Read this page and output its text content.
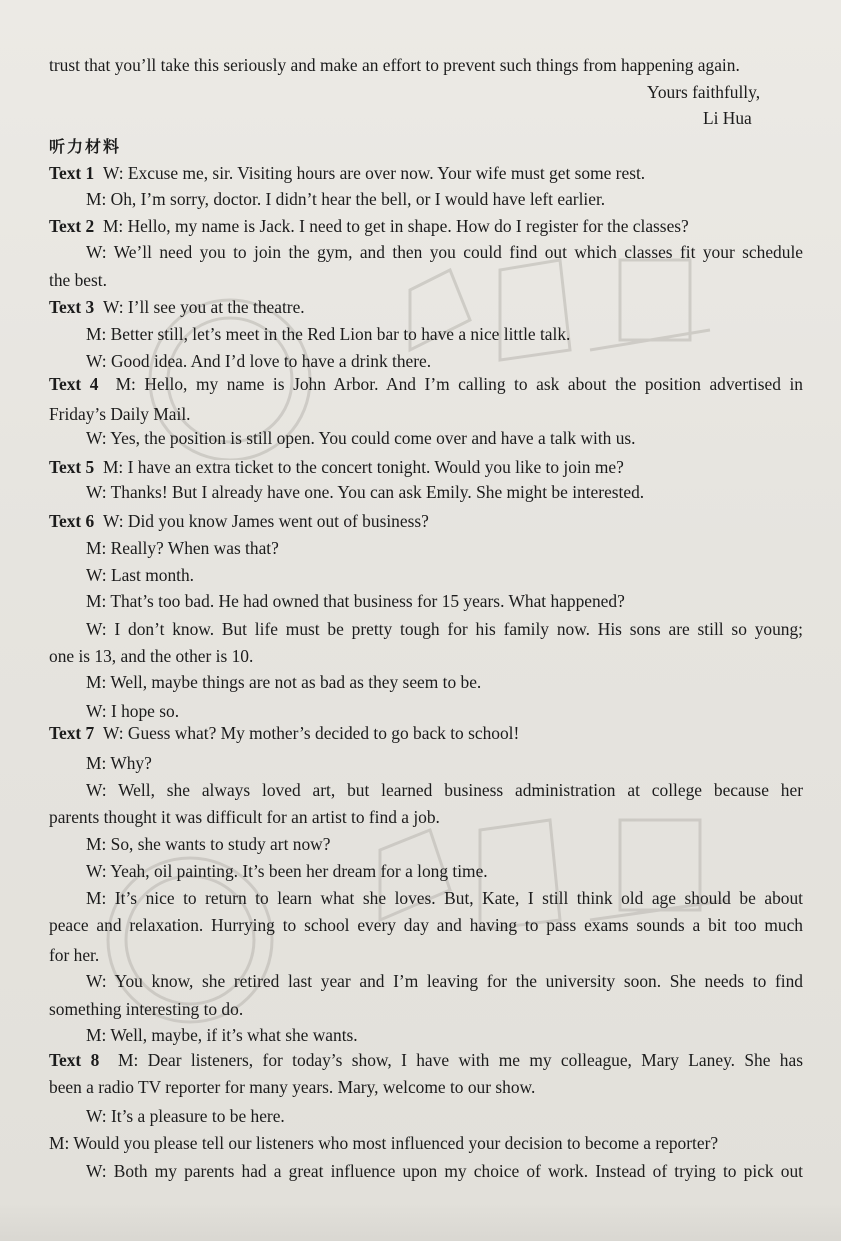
trust that you’ll take this seriously and make an effort to prevent such things from happening again.
Yours faithfully,
Li Hua
听力材料
Text 1 W: Excuse me, sir. Visiting hours are over now. Your wife must get some rest.
M: Oh, I’m sorry, doctor. I didn’t hear the bell, or I would have left earlier.
Text 2 M: Hello, my name is Jack. I need to get in shape. How do I register for the classes?
W: We’ll need you to join the gym, and then you could find out which classes fit your schedule
the best.
Text 3 W: I’ll see you at the theatre.
M: Better still, let’s meet in the Red Lion bar to have a nice little talk.
W: Good idea. And I’d love to have a drink there.
Text 4 M: Hello, my name is John Arbor. And I’m calling to ask about the position advertised in
Friday’s Daily Mail.
W: Yes, the position is still open. You could come over and have a talk with us.
Text 5 M: I have an extra ticket to the concert tonight. Would you like to join me?
W: Thanks! But I already have one. You can ask Emily. She might be interested.
Text 6 W: Did you know James went out of business?
M: Really? When was that?
W: Last month.
M: That’s too bad. He had owned that business for 15 years. What happened?
W: I don’t know. But life must be pretty tough for his family now. His sons are still so young;
one is 13, and the other is 10.
M: Well, maybe things are not as bad as they seem to be.
W: I hope so.
Text 7 W: Guess what? My mother’s decided to go back to school!
M: Why?
W: Well, she always loved art, but learned business administration at college because her
parents thought it was difficult for an artist to find a job.
M: So, she wants to study art now?
W: Yeah, oil painting. It’s been her dream for a long time.
M: It’s nice to return to learn what she loves. But, Kate, I still think old age should be about
peace and relaxation. Hurrying to school every day and having to pass exams sounds a bit too much
for her.
W: You know, she retired last year and I’m leaving for the university soon. She needs to find
something interesting to do.
M: Well, maybe, if it’s what she wants.
Text 8 M: Dear listeners, for today’s show, I have with me my colleague, Mary Laney. She has
been a radio TV reporter for many years. Mary, welcome to our show.
W: It’s a pleasure to be here.
M: Would you please tell our listeners who most influenced your decision to become a reporter?
W: Both my parents had a great influence upon my choice of work. Instead of trying to pick out
